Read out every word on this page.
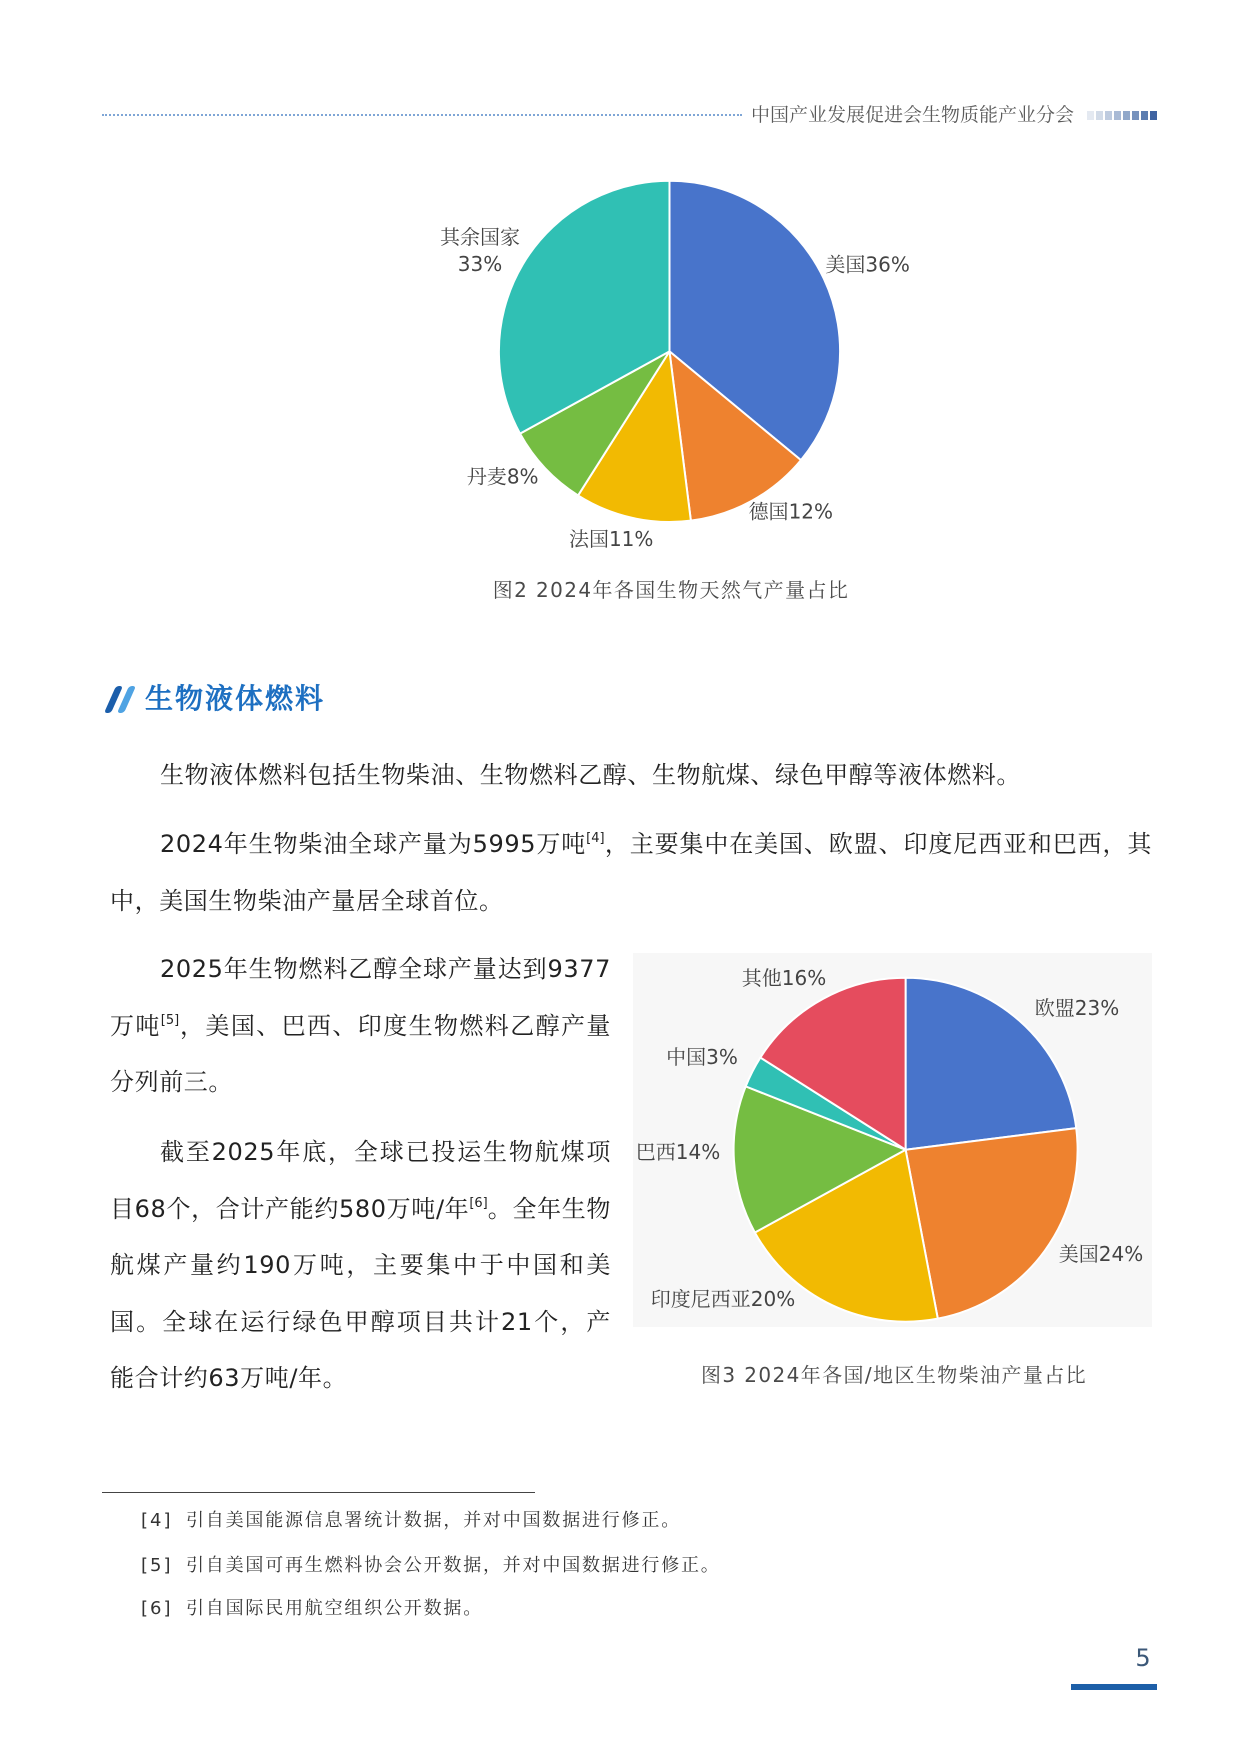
中国产业发展促进会生物质能产业分会
美国36%
德国12%
法国11%
丹麦8%
其余国家
33%
图2 2024年各国生物天然气产量占比
生物液体燃料
生物液体燃料包括生物柴油、生物燃料乙醇、生物航煤、绿色甲醇等液体燃料。
2024年生物柴油全球产量为5995万吨[4]，主要集中在美国、欧盟、印度尼西亚和巴西，其
中，美国生物柴油产量居全球首位。
2025年生物燃料乙醇全球产量达到9377
万吨[5]，美国、巴西、印度生物燃料乙醇产量
分列前三。
截至2025年底，全球已投运生物航煤项
目68个，合计产能约580万吨/年[6]。全年生物
航煤产量约190万吨，主要集中于中国和美
国。全球在运行绿色甲醇项目共计21个，产
能合计约63万吨/年。
欧盟23%
美国24%
印度尼西亚20%
巴西14%
中国3%
其他16%
图3 2024年各国/地区生物柴油产量占比
[4] 引自美国能源信息署统计数据，并对中国数据进行修正。
[5] 引自美国可再生燃料协会公开数据，并对中国数据进行修正。
[6] 引自国际民用航空组织公开数据。
5
